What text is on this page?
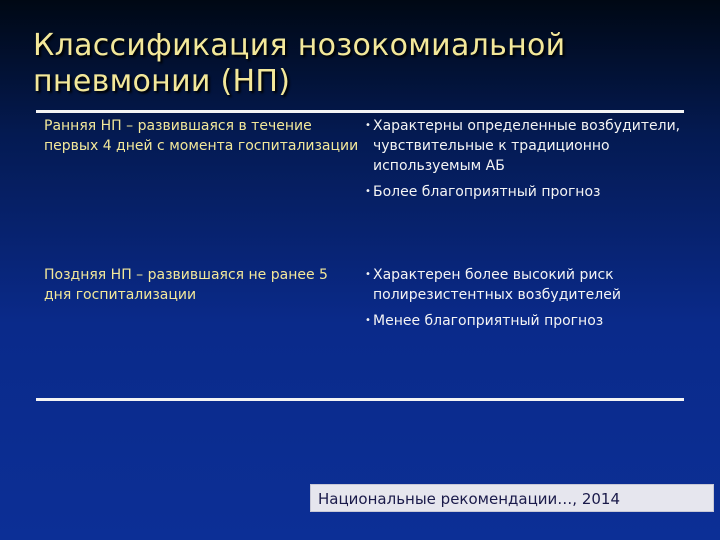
Классификация нозокомиальной пневмонии (НП)

Ранняя НП – развившаяся в течение первых 4 дней с момента госпитализации

• Характерны определенные возбудители, чувствительные к традиционно используемым АБ
• Более благоприятный прогноз

Поздняя НП – развившаяся не ранее 5 дня госпитализации

• Характерен более высокий риск полирезистентных возбудителей
• Менее благоприятный прогноз
Национальные рекомендации…, 2014
